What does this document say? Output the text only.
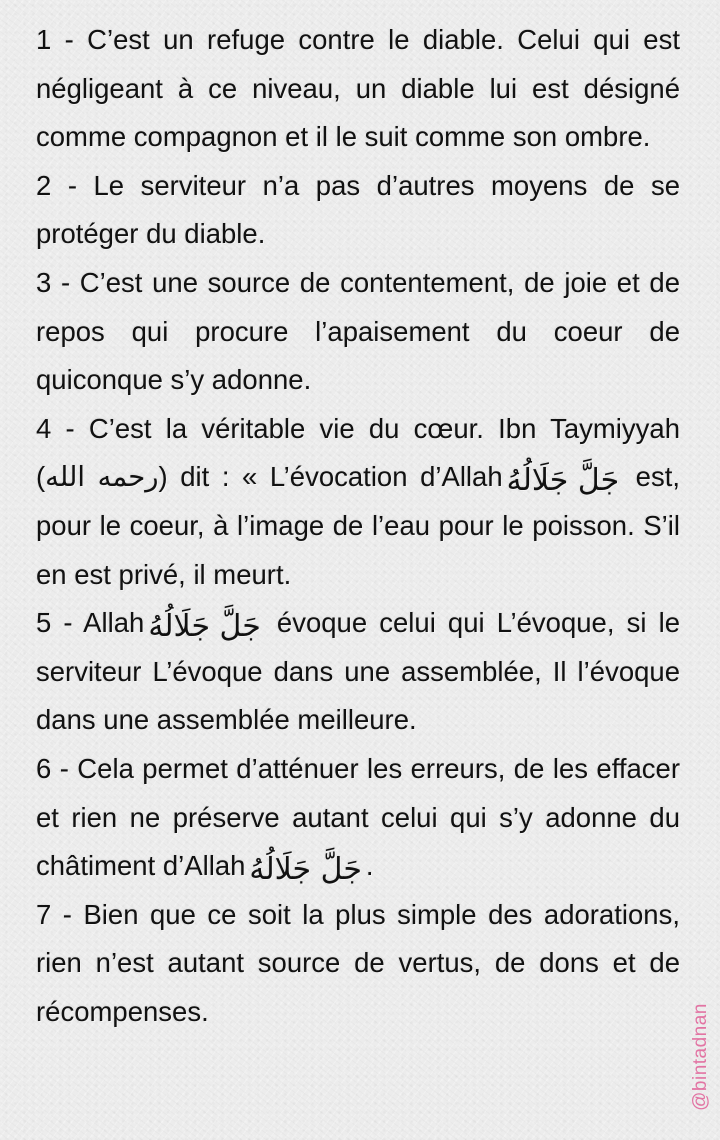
1 - C’est un refuge contre le diable. Celui qui est négligeant à ce niveau, un diable lui est désigné comme compagnon et il le suit comme son ombre.

2 - Le serviteur n’a pas d’autres moyens de se protéger du diable.

3 - C’est une source de contentement, de joie et de repos qui procure l’apaisement du coeur de quiconque s’y adonne.

4 - C’est la véritable vie du cœur. Ibn Taymiyyah (رحمه الله) dit : « L’évocation d’Allah جَلَّ جَلَالُهُ est, pour le coeur, à l’image de l’eau pour le poisson. S’il en est privé, il meurt.

5 - Allah جَلَّ جَلَالُهُ évoque celui qui L’évoque, si le serviteur L’évoque dans une assemblée, Il l’évoque dans une assemblée meilleure.

6 - Cela permet d’atténuer les erreurs, de les effacer et rien ne préserve autant celui qui s’y adonne du châtiment d’Allah جَلَّ جَلَالُهُ .

7 - Bien que ce soit la plus simple des adorations, rien n’est autant source de vertus, de dons et de récompenses.	@bintadnan
